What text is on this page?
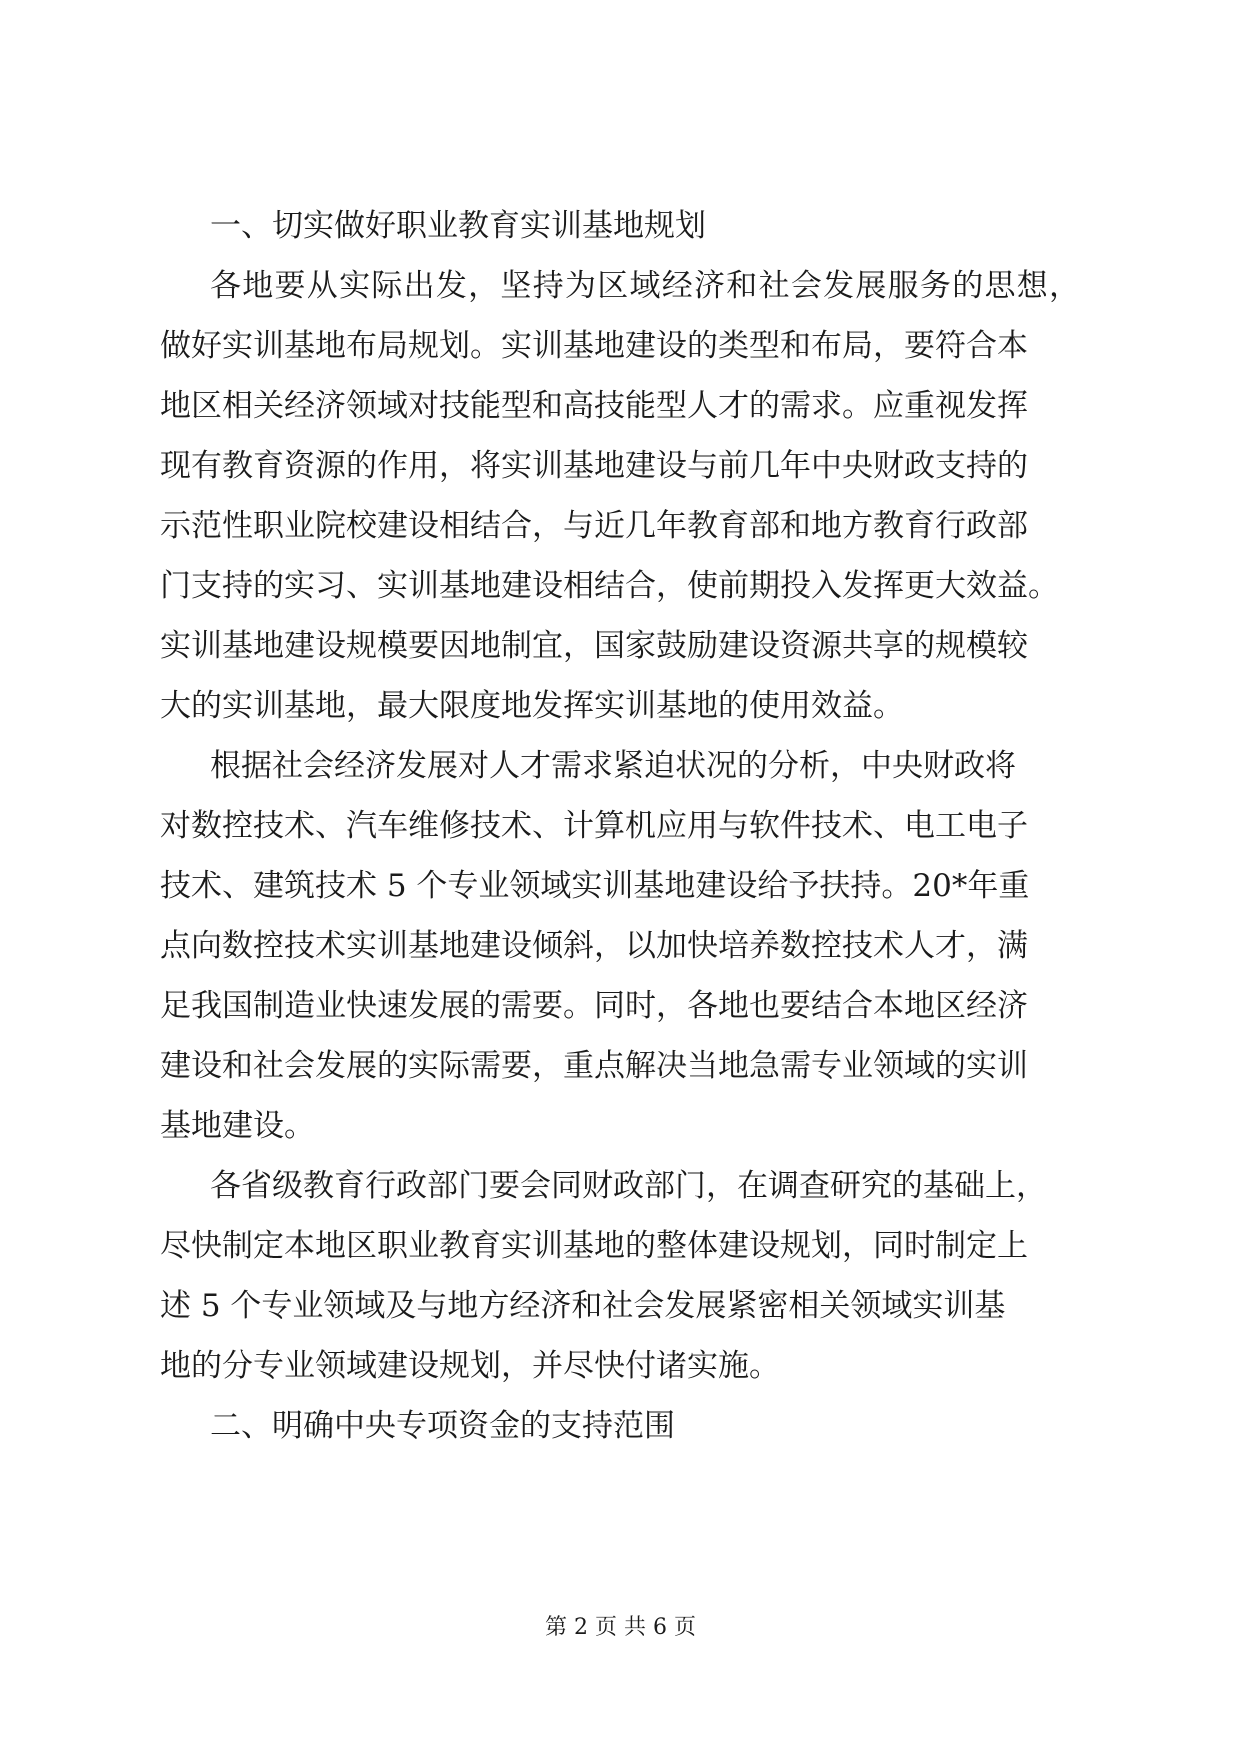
一、切实做好职业教育实训基地规划
各地要从实际出发，坚持为区域经济和社会发展服务的思想，
做好实训基地布局规划。实训基地建设的类型和布局，要符合本
地区相关经济领域对技能型和高技能型人才的需求。应重视发挥
现有教育资源的作用，将实训基地建设与前几年中央财政支持的
示范性职业院校建设相结合，与近几年教育部和地方教育行政部
门支持的实习、实训基地建设相结合，使前期投入发挥更大效益。
实训基地建设规模要因地制宜，国家鼓励建设资源共享的规模较
大的实训基地，最大限度地发挥实训基地的使用效益。
根据社会经济发展对人才需求紧迫状况的分析，中央财政将
对数控技术、汽车维修技术、计算机应用与软件技术、电工电子
技术、建筑技术 5 个专业领域实训基地建设给予扶持。20*年重
点向数控技术实训基地建设倾斜，以加快培养数控技术人才，满
足我国制造业快速发展的需要。同时，各地也要结合本地区经济
建设和社会发展的实际需要，重点解决当地急需专业领域的实训
基地建设。
各省级教育行政部门要会同财政部门，在调查研究的基础上，
尽快制定本地区职业教育实训基地的整体建设规划，同时制定上
述 5 个专业领域及与地方经济和社会发展紧密相关领域实训基
地的分专业领域建设规划，并尽快付诸实施。
二、明确中央专项资金的支持范围
第 2 页 共 6 页
